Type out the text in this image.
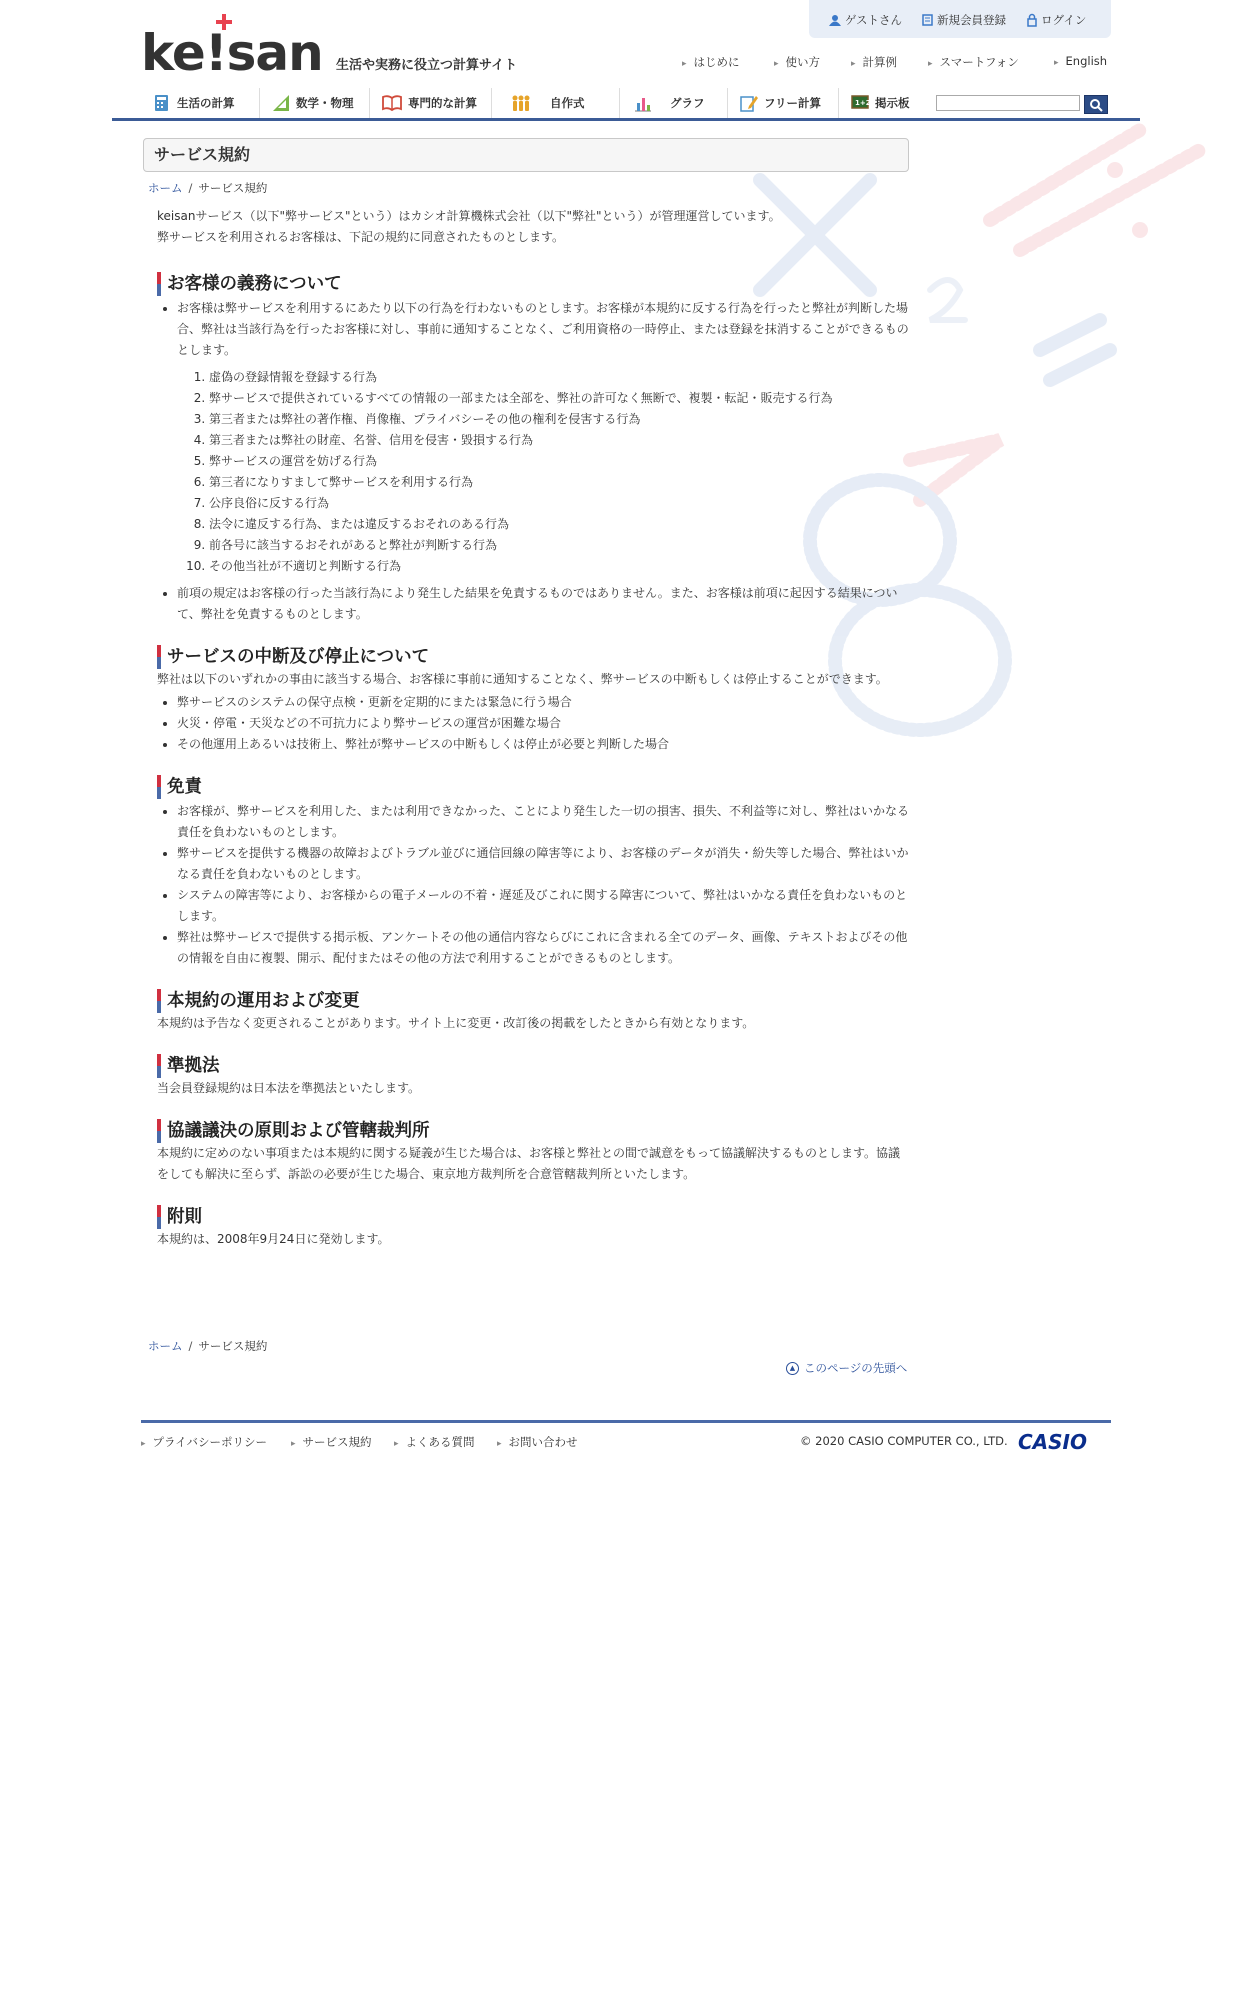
ke!san 生活や実務に役立つ計算サイト
ゲストさん	新規会員登録	ログイン
▸ はじめに	▸ 使い方	▸ 計算例	▸ スマートフォン	▸ English
生活の計算	数学・物理	専門的な計算	自作式	グラフ	フリー計算	1+2 掲示板
サービス規約
ホーム / サービス規約

keisanサービス（以下"弊サービス"という）はカシオ計算機株式会社（以下"弊社"という）が管理運営しています。

弊サービスを利用されるお客様は、下記の規約に同意されたものとします。

お客様の義務について
• お客様は弊サービスを利用するにあたり以下の行為を行わないものとします。お客様が本規約に反する行為を行ったと弊社が判断した場合、弊社は当該行為を行ったお客様に対し、事前に通知することなく、ご利用資格の一時停止、または登録を抹消することができるものとします。
1. 虚偽の登録情報を登録する行為
2. 弊サービスで提供されているすべての情報の一部または全部を、弊社の許可なく無断で、複製・転記・販売する行為
3. 第三者または弊社の著作権、肖像権、プライバシーその他の権利を侵害する行為
4. 第三者または弊社の財産、名誉、信用を侵害・毀損する行為
5. 弊サービスの運営を妨げる行為
6. 第三者になりすまして弊サービスを利用する行為
7. 公序良俗に反する行為
8. 法令に違反する行為、または違反するおそれのある行為
9. 前各号に該当するおそれがあると弊社が判断する行為
10. その他当社が不適切と判断する行為
• 前項の規定はお客様の行った当該行為により発生した結果を免責するものではありません。また、お客様は前項に起因する結果について、弊社を免責するものとします。
サービスの中断及び停止について

弊社は以下のいずれかの事由に該当する場合、お客様に事前に通知することなく、弊サービスの中断もしくは停止することができます。

• 弊サービスのシステムの保守点検・更新を定期的にまたは緊急に行う場合
• 火災・停電・天災などの不可抗力により弊サービスの運営が困難な場合
• その他運用上あるいは技術上、弊社が弊サービスの中断もしくは停止が必要と判断した場合
免責
• お客様が、弊サービスを利用した、または利用できなかった、ことにより発生した一切の損害、損失、不利益等に対し、弊社はいかなる責任を負わないものとします。
• 弊サービスを提供する機器の故障およびトラブル並びに通信回線の障害等により、お客様のデータが消失・紛失等した場合、弊社はいかなる責任を負わないものとします。
• システムの障害等により、お客様からの電子メールの不着・遅延及びこれに関する障害について、弊社はいかなる責任を負わないものとします。
• 弊社は弊サービスで提供する掲示板、アンケートその他の通信内容ならびにこれに含まれる全てのデータ、画像、テキストおよびその他の情報を自由に複製、開示、配付またはその他の方法で利用することができるものとします。
本規約の運用および変更

本規約は予告なく変更されることがあります。サイト上に変更・改訂後の掲載をしたときから有効となります。

準拠法

当会員登録規約は日本法を準拠法といたします。

協議議決の原則および管轄裁判所

本規約に定めのない事項または本規約に関する疑義が生じた場合は、お客様と弊社との間で誠意をもって協議解決するものとします。協議をしても解決に至らず、訴訟の必要が生じた場合、東京地方裁判所を合意管轄裁判所といたします。

附則

本規約は、2008年9月24日に発効します。

ホーム / サービス規約
▲ このページの先頭へ
▸ プライバシーポリシー	▸ サービス規約	▸ よくある質問	▸ お問い合わせ	© 2020 CASIO COMPUTER CO., LTD. CASIO
